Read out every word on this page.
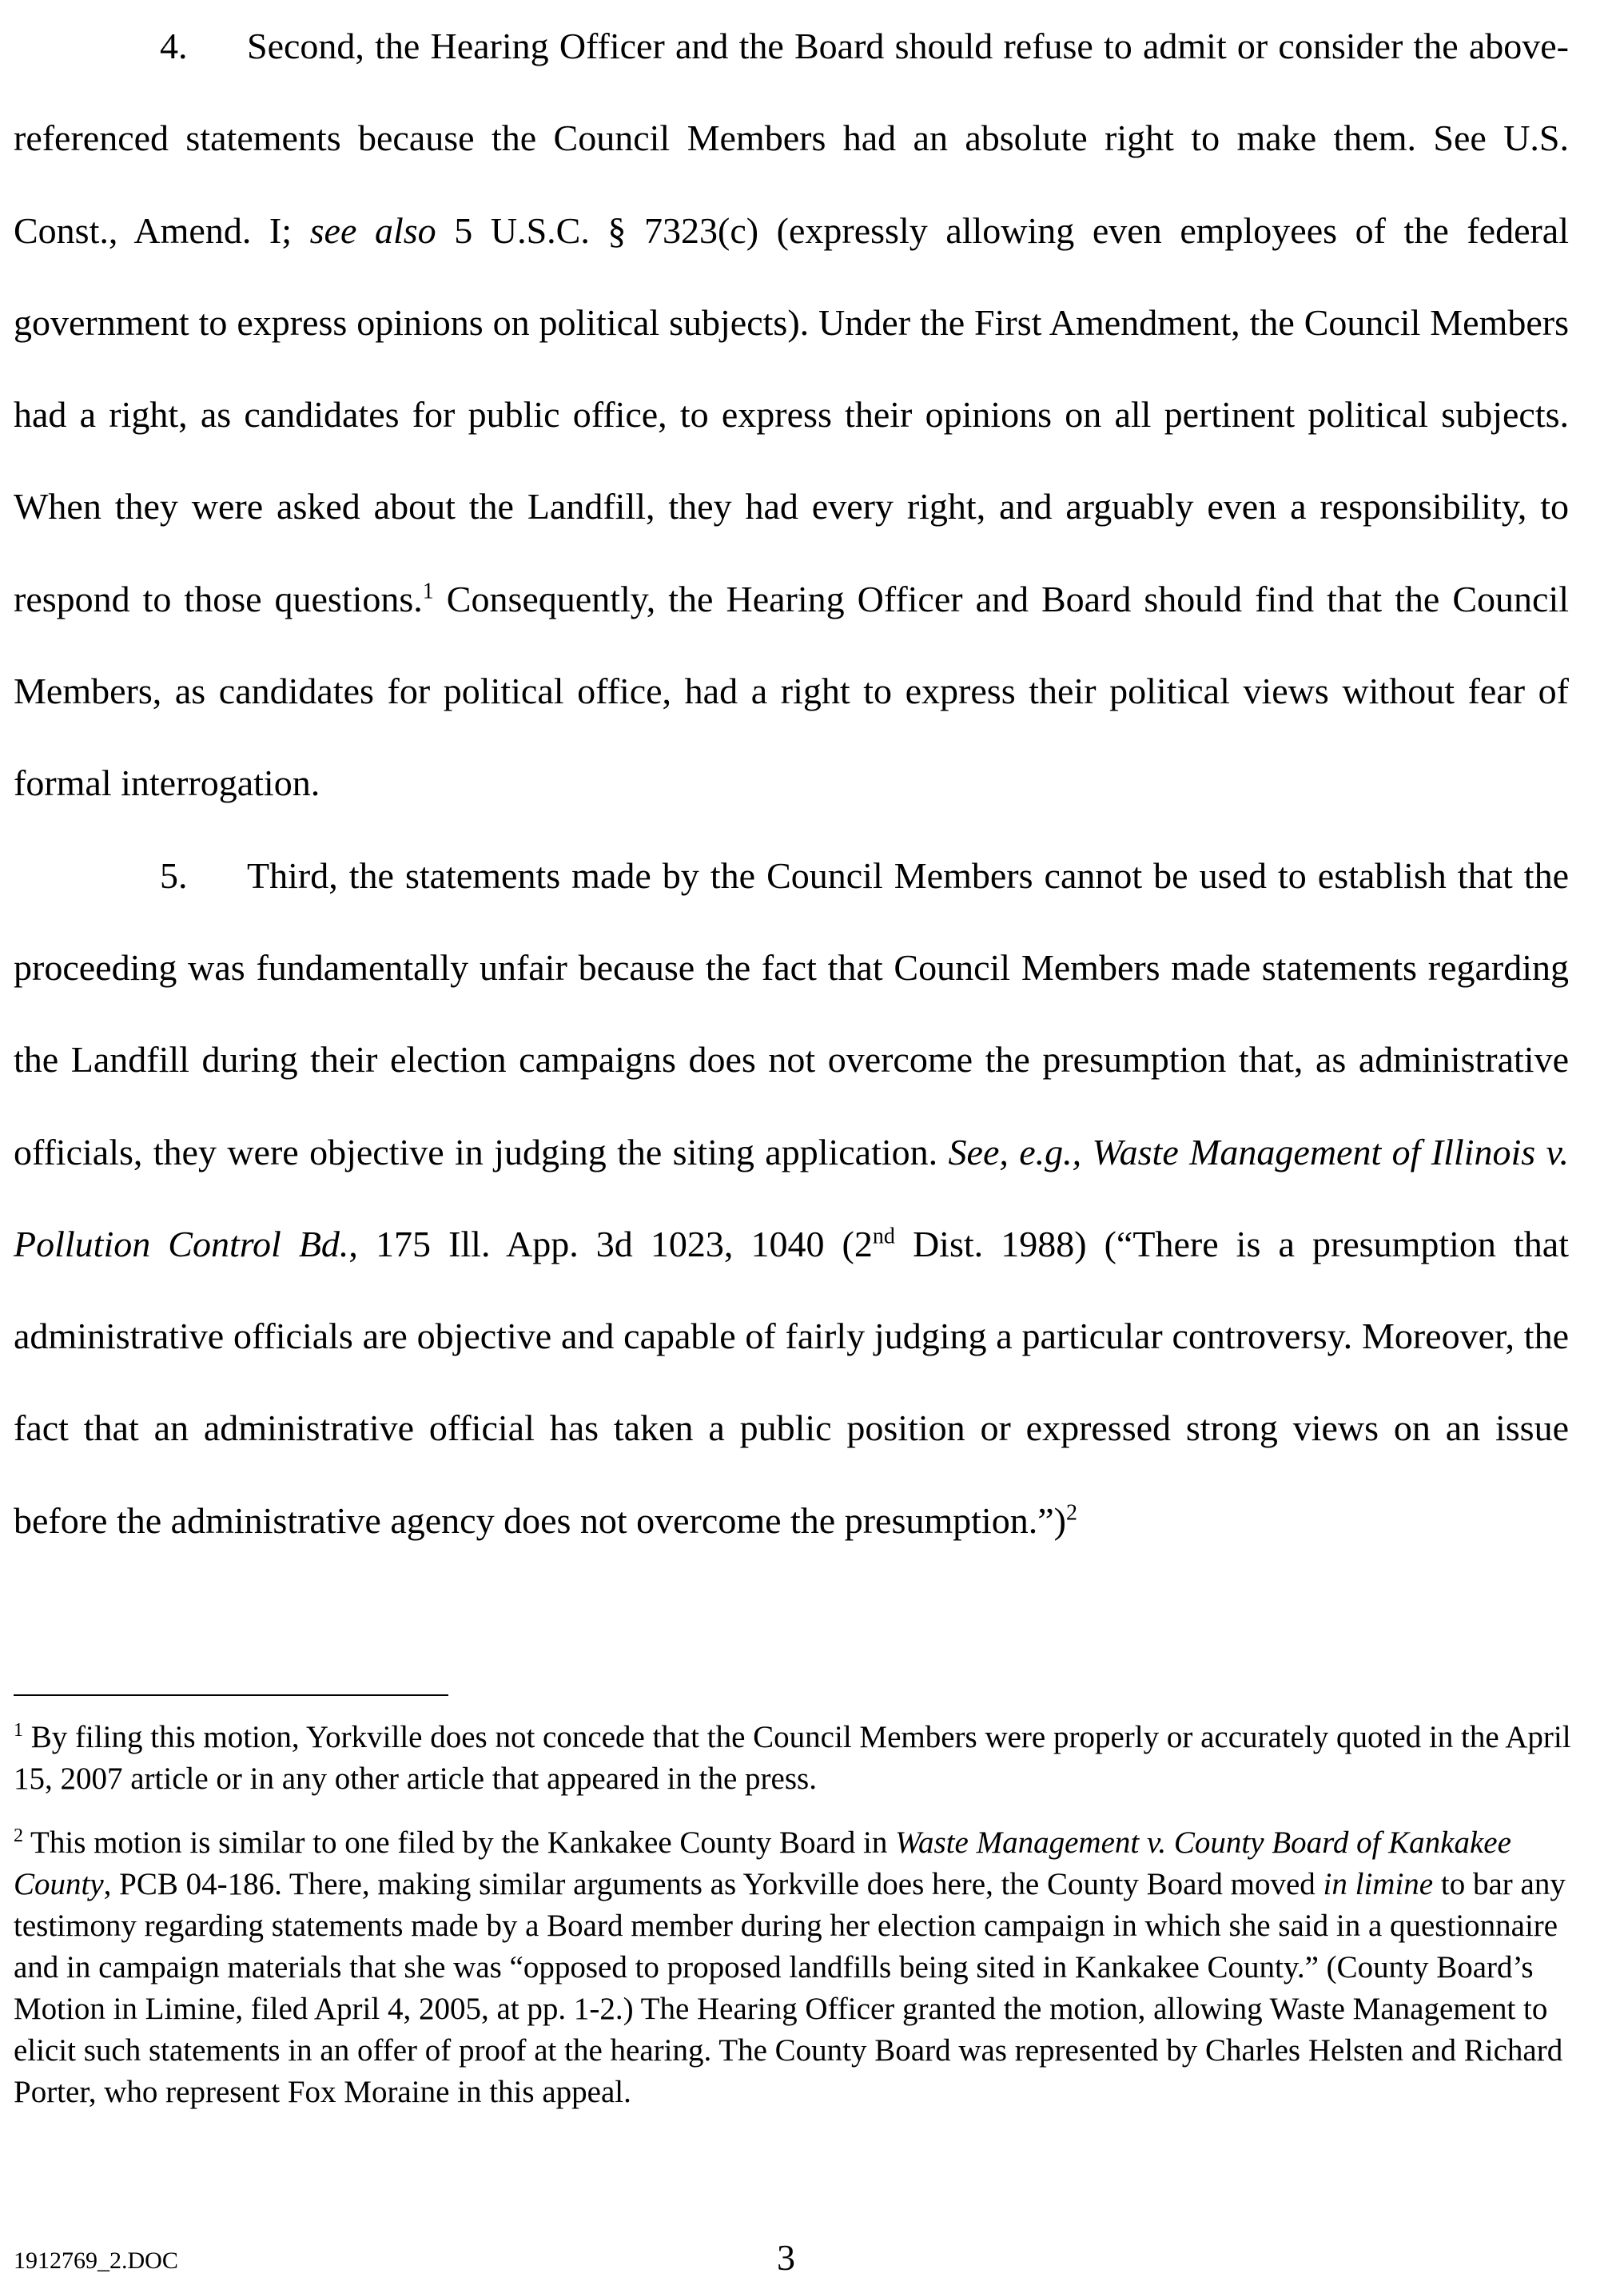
4. Second, the Hearing Officer and the Board should refuse to admit or consider the above-referenced statements because the Council Members had an absolute right to make them. See U.S. Const., Amend. I; see also 5 U.S.C. § 7323(c) (expressly allowing even employees of the federal government to express opinions on political subjects). Under the First Amendment, the Council Members had a right, as candidates for public office, to express their opinions on all pertinent political subjects. When they were asked about the Landfill, they had every right, and arguably even a responsibility, to respond to those questions.$^1$ Consequently, the Hearing Officer and Board should find that the Council Members, as candidates for political office, had a right to express their political views without fear of formal interrogation.

5. Third, the statements made by the Council Members cannot be used to establish that the proceeding was fundamentally unfair because the fact that Council Members made statements regarding the Landfill during their election campaigns does not overcome the presumption that, as administrative officials, they were objective in judging the siting application. See, e.g., Waste Management of Illinois v. Pollution Control Bd., 175 Ill. App. 3d 1023, 1040 (2nd Dist. 1988) (“There is a presumption that administrative officials are objective and capable of fairly judging a particular controversy. Moreover, the fact that an administrative official has taken a public position or expressed strong views on an issue before the administrative agency does not overcome the presumption.”)$^2$

$^1$ By filing this motion, Yorkville does not concede that the Council Members were properly or accurately quoted in the April 15, 2007 article or in any other article that appeared in the press.

$^2$ This motion is similar to one filed by the Kankakee County Board in Waste Management v. County Board of Kankakee County, PCB 04-186. There, making similar arguments as Yorkville does here, the County Board moved in limine to bar any testimony regarding statements made by a Board member during her election campaign in which she said in a questionnaire and in campaign materials that she was “opposed to proposed landfills being sited in Kankakee County.” (County Board’s Motion in Limine, filed April 4, 2005, at pp. 1-2.) The Hearing Officer granted the motion, allowing Waste Management to elicit such statements in an offer of proof at the hearing. The County Board was represented by Charles Helsten and Richard Porter, who represent Fox Moraine in this appeal.

1912769_2.DOC	3
